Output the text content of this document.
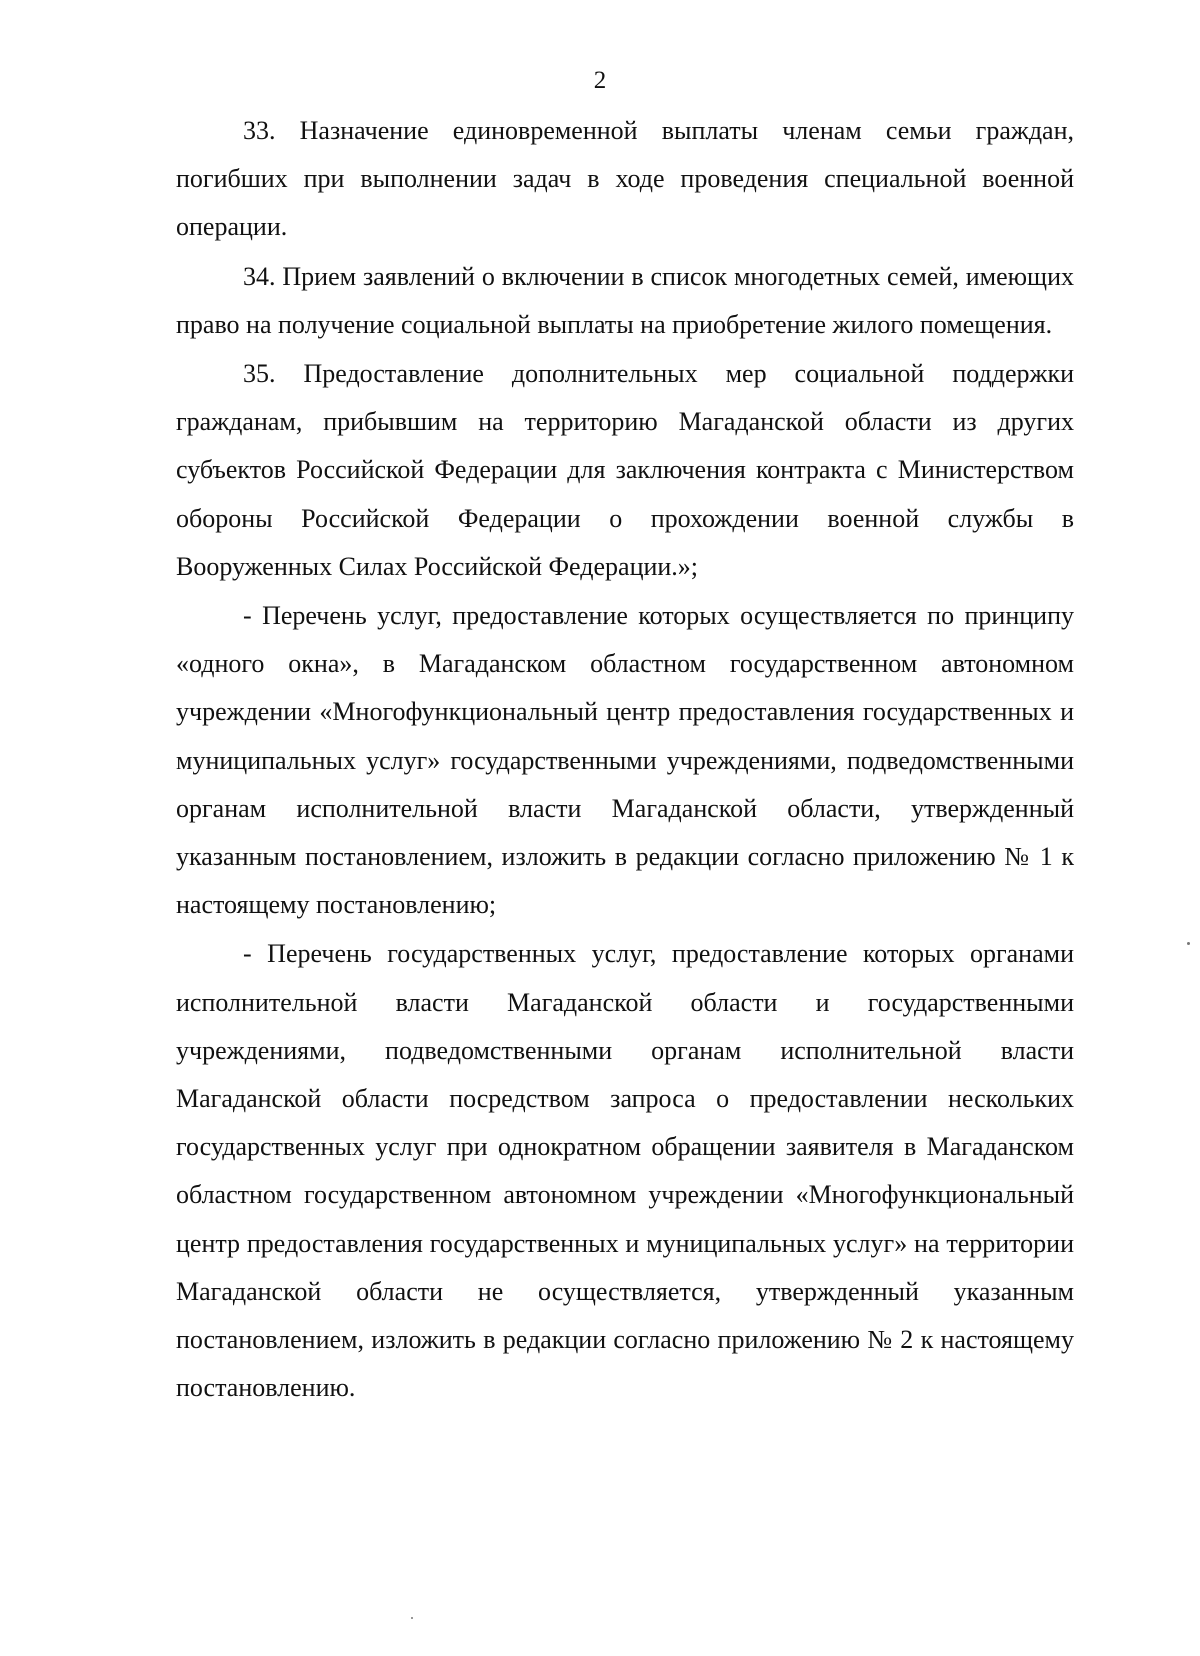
2

33. Назначение единовременной выплаты членам семьи граждан, погибших при выполнении задач в ходе проведения специальной военной операции.

34. Прием заявлений о включении в список многодетных семей, имеющих право на получение социальной выплаты на приобретение жилого помещения.

35. Предоставление дополнительных мер социальной поддержки гражданам, прибывшим на территорию Магаданской области из других субъектов Российской Федерации для заключения контракта с Министерством обороны Российской Федерации о прохождении военной службы в Вооруженных Силах Российской Федерации.»;

- Перечень услуг, предоставление которых осуществляется по принципу «одного окна», в Магаданском областном государственном автономном учреждении «Многофункциональный центр предоставления государственных и муниципальных услуг» государственными учреждениями, подведомственными органам исполнительной власти Магаданской области, утвержденный указанным постановлением, изложить в редакции согласно приложению № 1 к настоящему постановлению;

- Перечень государственных услуг, предоставление которых органами исполнительной власти Магаданской области и государственными учреждениями, подведомственными органам исполнительной власти Магаданской области посредством запроса о предоставлении нескольких государственных услуг при однократном обращении заявителя в Магаданском областном государственном автономном учреждении «Многофункциональный центр предоставления государственных и муниципальных услуг» на территории Магаданской области не осуществляется, утвержденный указанным постановлением, изложить в редакции согласно приложению № 2 к настоящему постановлению.
